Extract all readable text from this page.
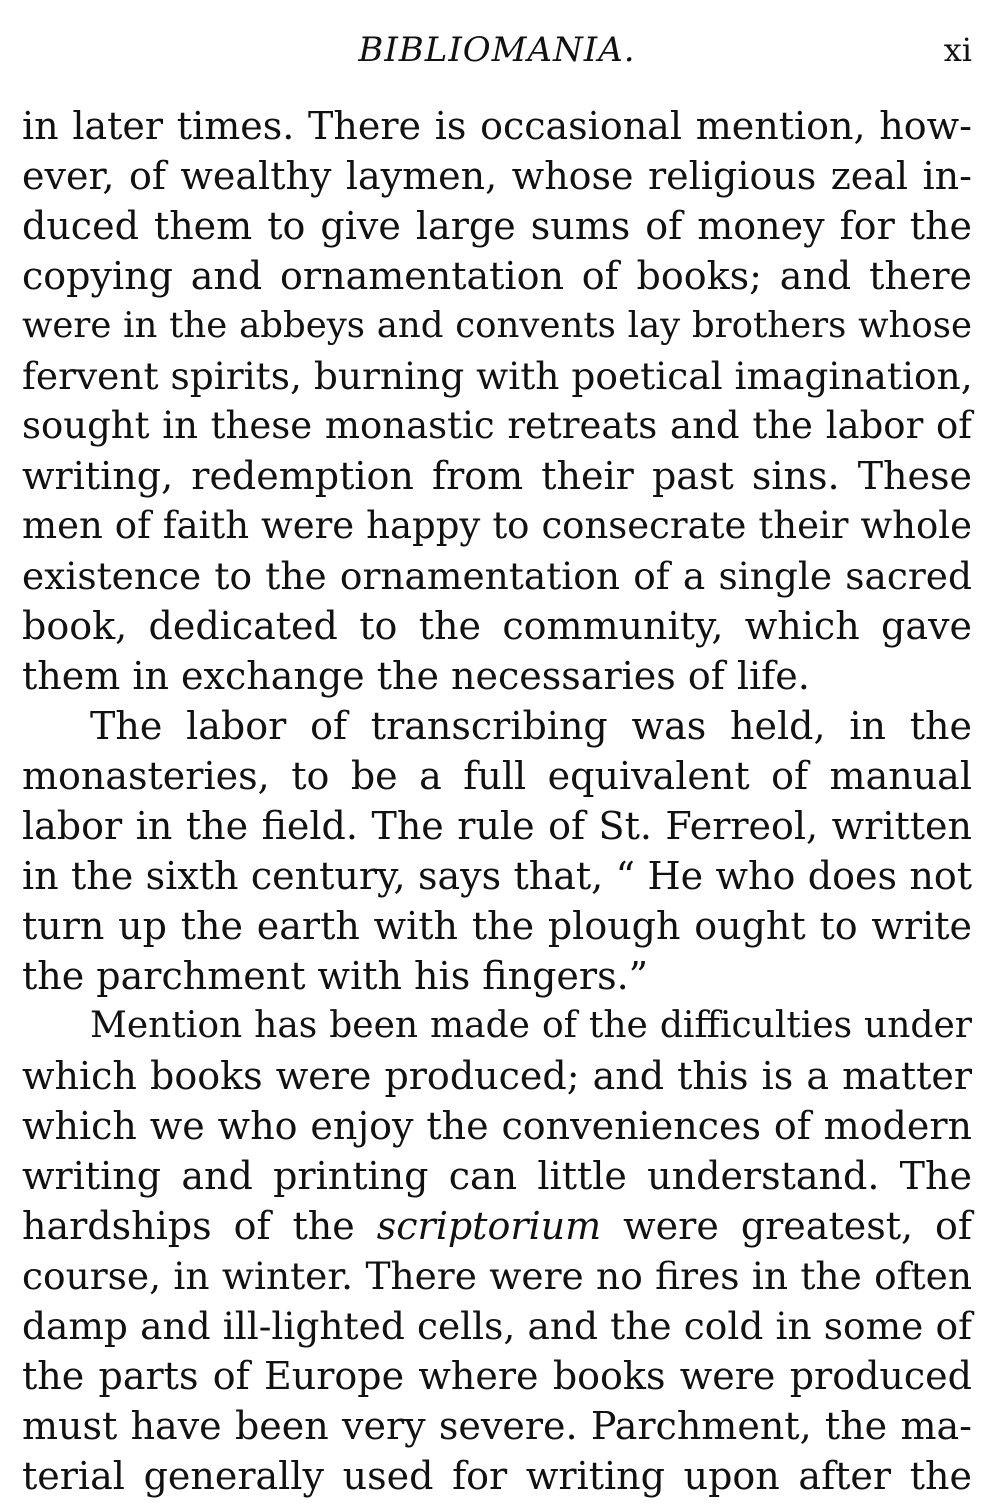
BIBLIOMANIA.	xi
in later times. There is occasional mention, how-
ever, of wealthy laymen, whose religious zeal in-
duced them to give large sums of money for the
copying and ornamentation of books; and there
were in the abbeys and convents lay brothers whose
fervent spirits, burning with poetical imagination,
sought in these monastic retreats and the labor of
writing, redemption from their past sins. These
men of faith were happy to consecrate their whole
existence to the ornamentation of a single sacred
book, dedicated to the community, which gave
them in exchange the necessaries of life.
The labor of transcribing was held, in the
monasteries, to be a full equivalent of manual
labor in the field. The rule of St. Ferreol, written
in the sixth century, says that, “ He who does not
turn up the earth with the plough ought to write
the parchment with his fingers.”
Mention has been made of the difficulties under
which books were produced; and this is a matter
which we who enjoy the conveniences of modern
writing and printing can little understand. The
hardships of the scriptorium were greatest, of
course, in winter. There were no fires in the often
damp and ill-lighted cells, and the cold in some of
the parts of Europe where books were produced
must have been very severe. Parchment, the ma-
terial generally used for writing upon after the
